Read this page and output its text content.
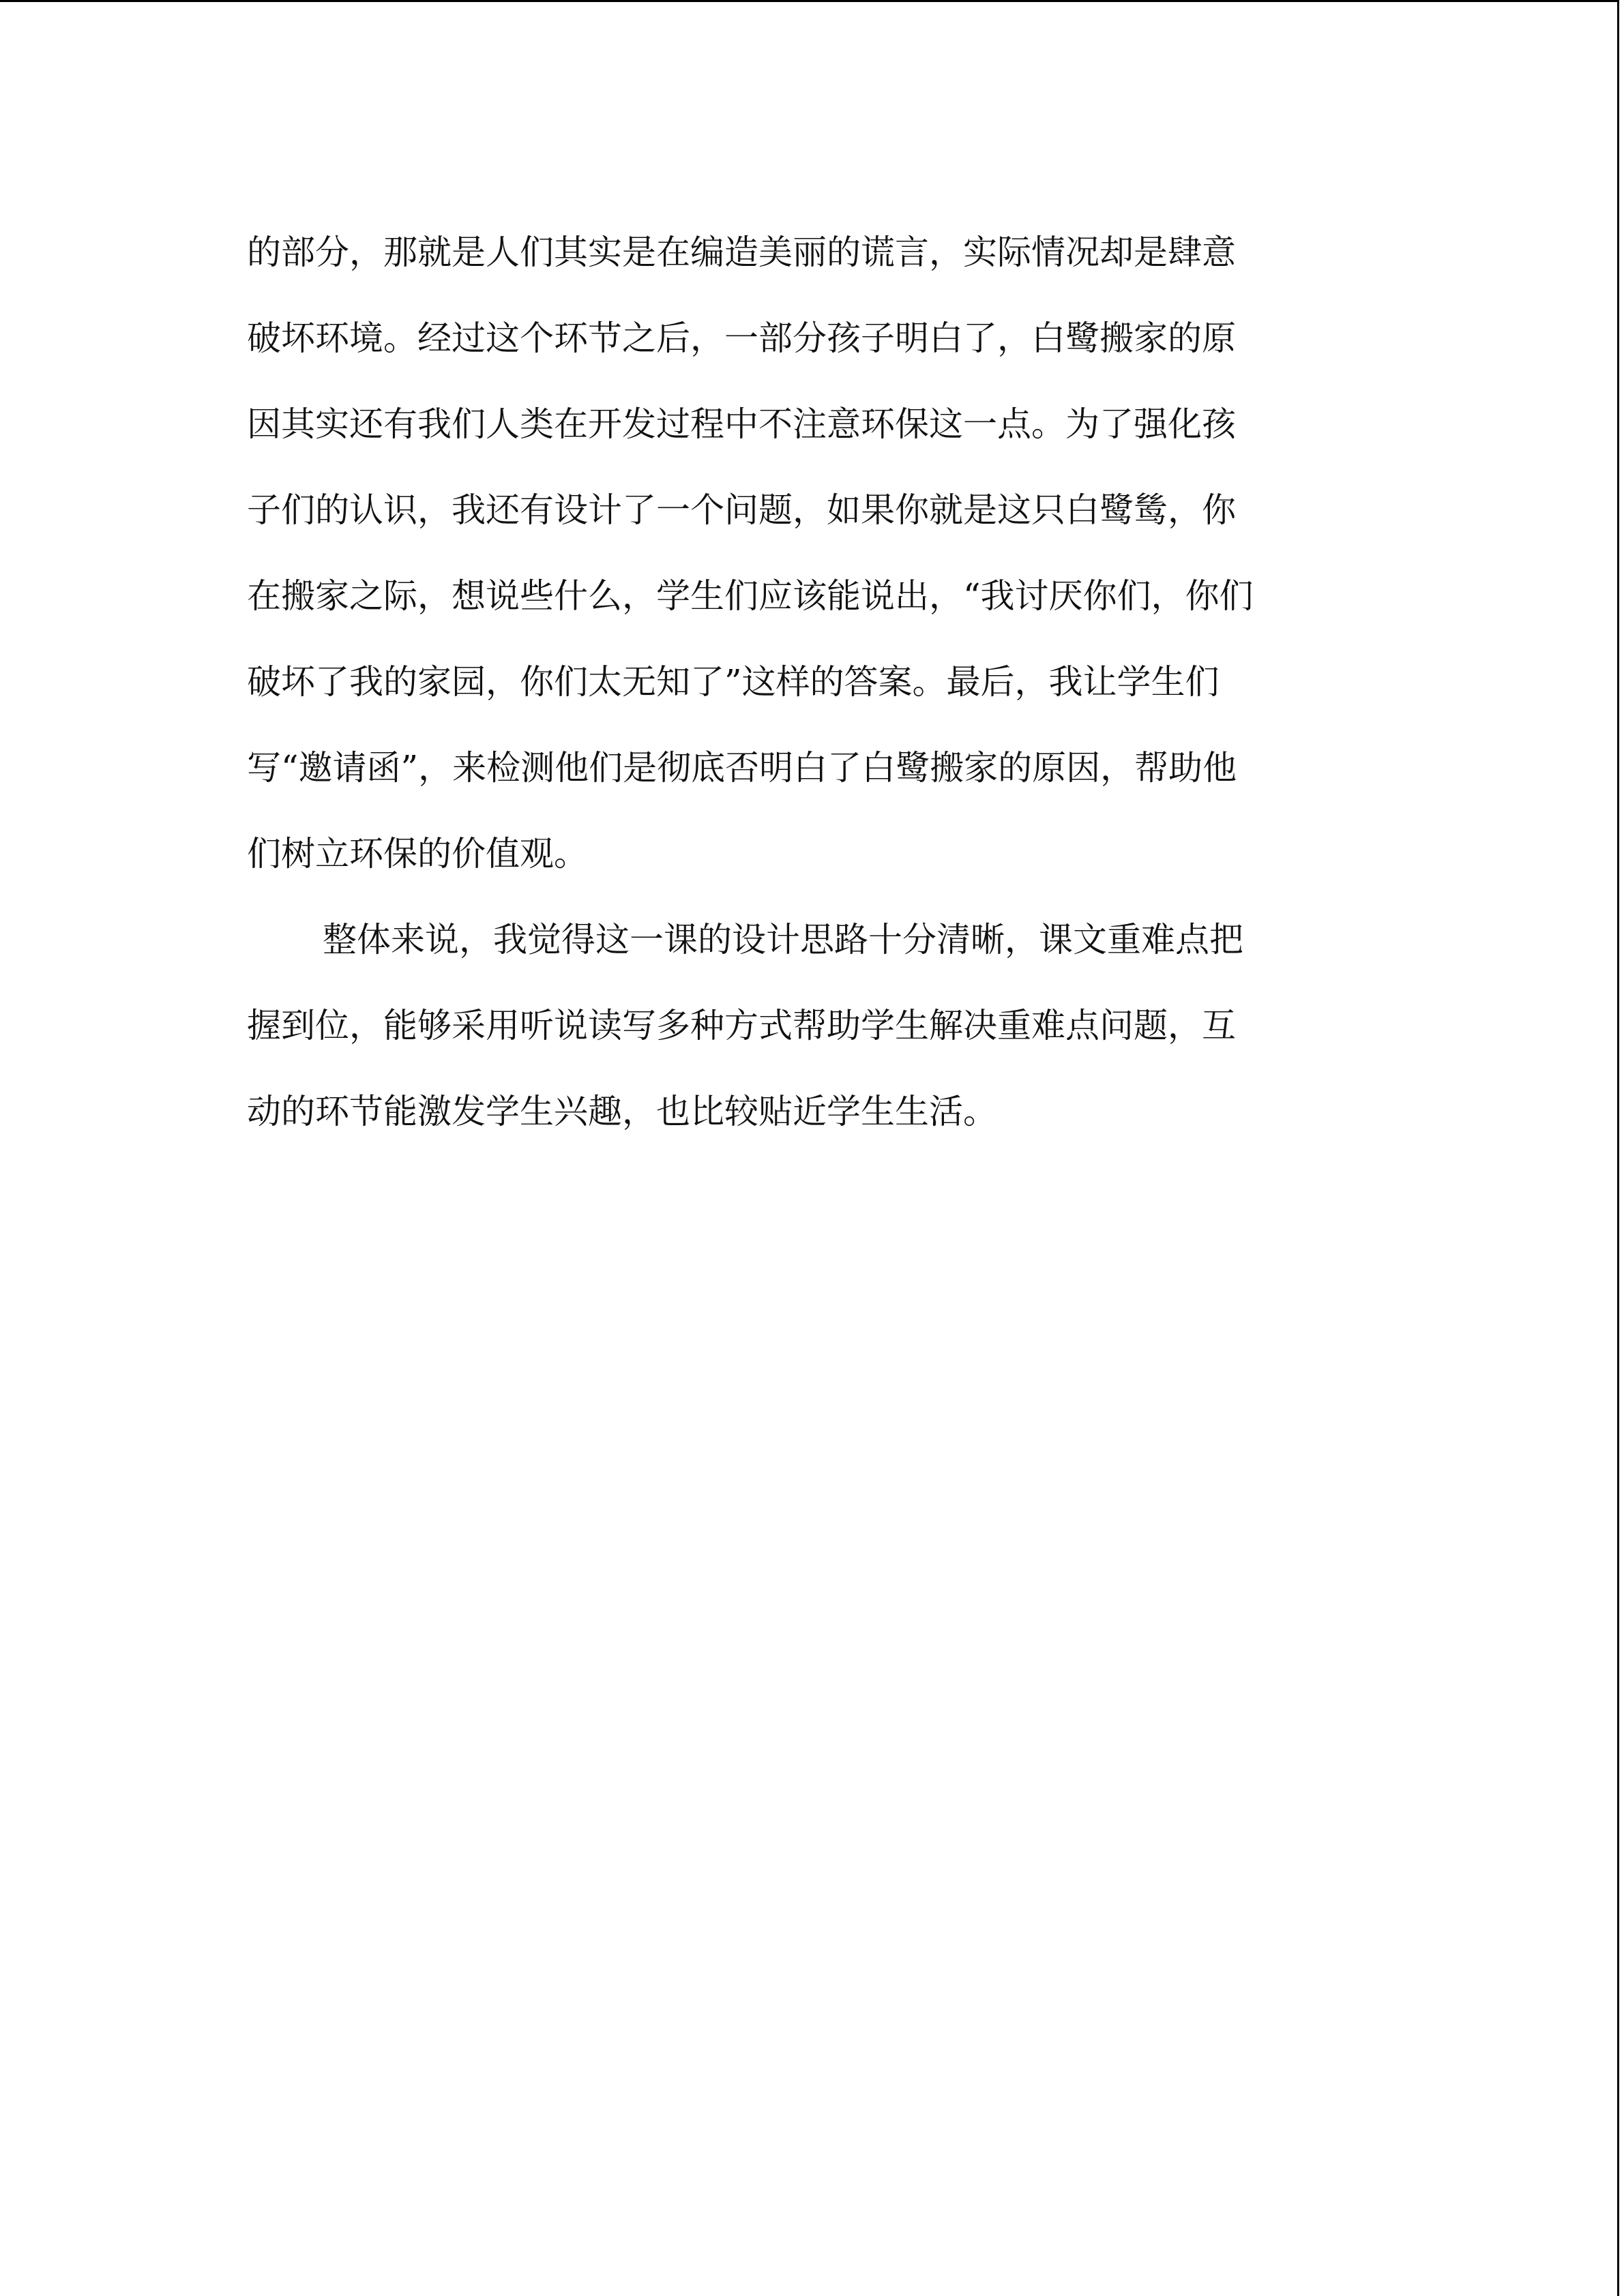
的部分，那就是人们其实是在编造美丽的谎言，实际情况却是肆意
破坏环境。经过这个环节之后，一部分孩子明白了，白鹭搬家的原
因其实还有我们人类在开发过程中不注意环保这一点。为了强化孩
子们的认识，我还有设计了一个问题，如果你就是这只白鹭鸶，你
在搬家之际，想说些什么，学生们应该能说出，“我讨厌你们，你们
破坏了我的家园，你们太无知了”这样的答案。最后，我让学生们
写“邀请函”，来检测他们是彻底否明白了白鹭搬家的原因，帮助他
们树立环保的价值观。
整体来说，我觉得这一课的设计思路十分清晰，课文重难点把
握到位，能够采用听说读写多种方式帮助学生解决重难点问题，互
动的环节能激发学生兴趣，也比较贴近学生生活。
